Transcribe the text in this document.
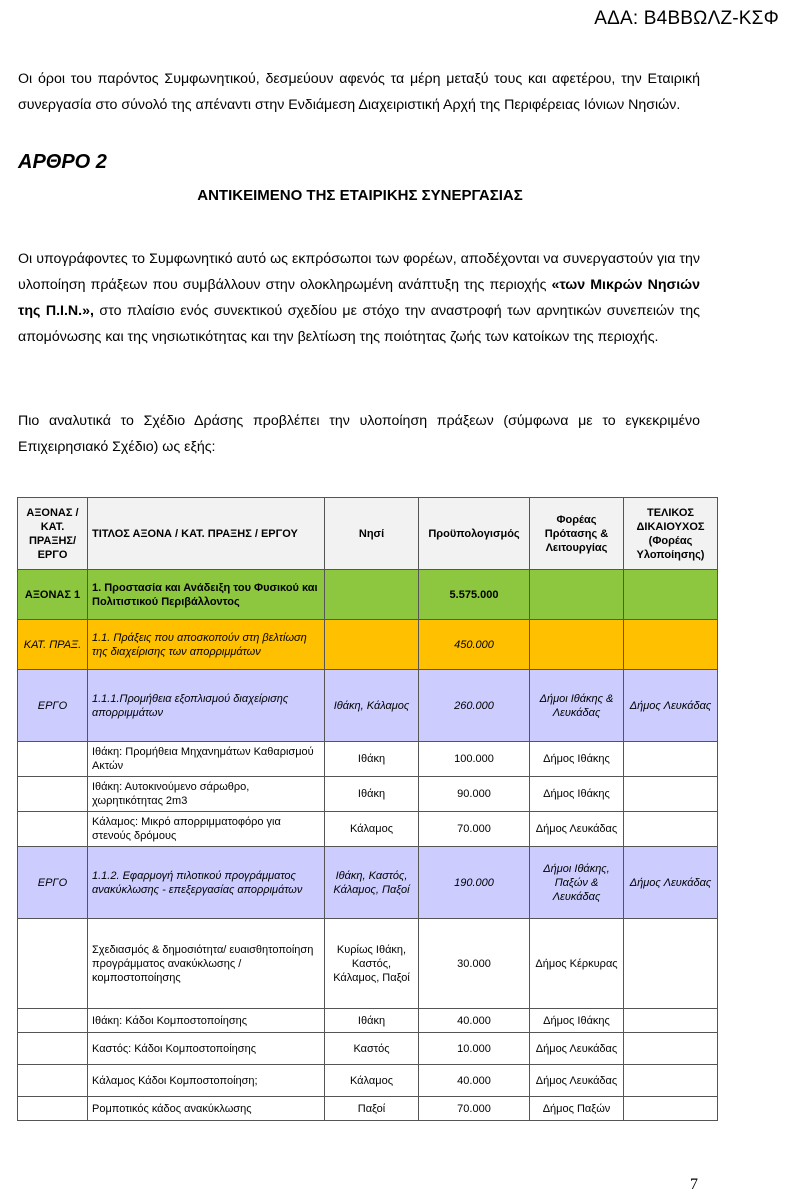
ΑΔΑ: Β4ΒΒΩΛΖ-ΚΣΦ
Οι όροι του παρόντος Συμφωνητικού, δεσμεύουν αφενός τα μέρη μεταξύ τους και αφετέρου, την Εταιρική συνεργασία στο σύνολό της απέναντι στην Ενδιάμεση Διαχειριστική Αρχή της Περιφέρειας Ιόνιων Νησιών.
ΑΡΘΡΟ 2
ΑΝΤΙΚΕΙΜΕΝΟ ΤΗΣ ΕΤΑΙΡΙΚΗΣ ΣΥΝΕΡΓΑΣΙΑΣ
Οι υπογράφοντες το Συμφωνητικό αυτό ως εκπρόσωποι των φορέων, αποδέχονται να συνεργαστούν για την υλοποίηση πράξεων που συμβάλλουν στην ολοκληρωμένη ανάπτυξη της περιοχής «των Μικρών Νησιών της Π.Ι.Ν.», στο πλαίσιο ενός συνεκτικού σχεδίου με στόχο την αναστροφή των αρνητικών συνεπειών της απομόνωσης και της νησιωτικότητας και την βελτίωση της ποιότητας ζωής των κατοίκων της περιοχής.
Πιο αναλυτικά το Σχέδιο Δράσης προβλέπει την υλοποίηση πράξεων (σύμφωνα με το εγκεκριμένο Επιχειρησιακό Σχέδιο) ως εξής:
ΑΞΟΝΑΣ /ΚΑΤ. ΠΡΑΞΗΣ/ ΕΡΓΟ	ΤΙΤΛΟΣ ΑΞΟΝΑ / ΚΑΤ. ΠΡΑΞΗΣ / ΕΡΓΟΥ	Νησί	Προϋπολογισμός	Φορέας Πρότασης & Λειτουργίας	ΤΕΛΙΚΟΣ ΔΙΚΑΙΟΥΧΟΣ (Φορέας Υλοποίησης)
ΑΞΟΝΑΣ 1	1. Προστασία και Ανάδειξη του Φυσικού και Πολιτιστικού Περιβάλλοντος		5.575.000		
ΚΑΤ. ΠΡΑΞ.	1.1. Πράξεις που αποσκοπούν στη βελτίωση της διαχείρισης των απορριμμάτων		450.000		
ΕΡΓΟ	1.1.1.Προμήθεια εξοπλισμού διαχείρισης απορριμμάτων	Ιθάκη, Κάλαμος	260.000	Δήμοι Ιθάκης & Λευκάδας	Δήμος Λευκάδας
	Ιθάκη: Προμήθεια Μηχανημάτων Καθαρισμού Ακτών	Ιθάκη	100.000	Δήμος Ιθάκης	
	Ιθάκη: Αυτοκινούμενο σάρωθρο, χωρητικότητας 2m3	Ιθάκη	90.000	Δήμος Ιθάκης	
	Κάλαμος: Μικρό απορριμματοφόρο για στενούς δρόμους	Κάλαμος	70.000	Δήμος Λευκάδας	
ΕΡΓΟ	1.1.2. Εφαρμογή πιλοτικού προγράμματος ανακύκλωσης - επεξεργασίας απορριμάτων	Ιθάκη, Καστός, Κάλαμος, Παξοί	190.000	Δήμοι Ιθάκης, Παξών & Λευκάδας	Δήμος Λευκάδας
	Σχεδιασμός & δημοσιότητα/ ευαισθητοποίηση προγράμματος ανακύκλωσης /κομποστοποίησης	Κυρίως Ιθάκη, Καστός, Κάλαμος, Παξοί	30.000	Δήμος Κέρκυρας	
	Ιθάκη: Κάδοι Κομποστοποίησης	Ιθάκη	40.000	Δήμος Ιθάκης	
	Καστός: Κάδοι Κομποστοποίησης	Καστός	10.000	Δήμος Λευκάδας	
	Κάλαμος Κάδοι Κομποστοποίηση;	Κάλαμος	40.000	Δήμος Λευκάδας	
	Ρομποτικός κάδος ανακύκλωσης	Παξοί	70.000	Δήμος Παξών	
7
